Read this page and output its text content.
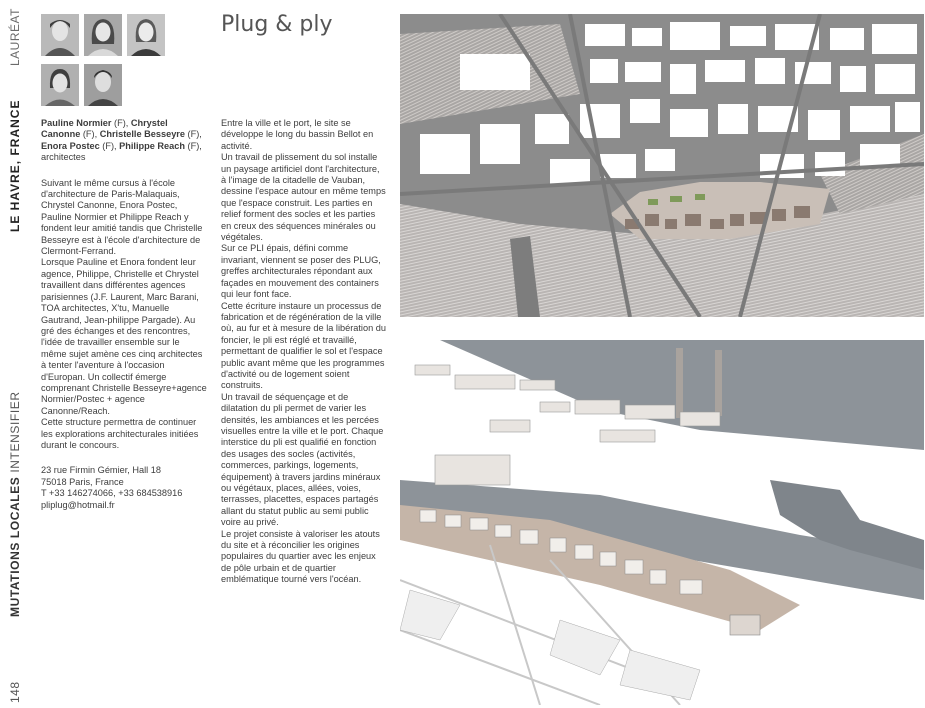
LAURÉAT
LE HAVRE, FRANCE
MUTATIONS LOCALES INTENSIFIER
148

Pauline Normier (F), Chrystel Canonne (F), Christelle Besseyre (F), Enora Postec (F), Philippe Reach (F), architectes

Suivant le même cursus à l'école d'architecture de Paris-Malaquais, Chrystel Canonne, Enora Postec, Pauline Normier et Philippe Reach y fondent leur amitié tandis que Christelle Besseyre est à l'école d'architecture de Clermont-Ferrand.

Lorsque Pauline et Enora fondent leur agence, Philippe, Christelle et Chrystel travaillent dans différentes agences parisiennes (J.F. Laurent, Marc Barani, TOA architectes, X'tu, Manuelle Gautrand, Jean-philippe Pargade). Au gré des échanges et des rencontres, l'idée de travailler ensemble sur le même sujet amène ces cinq architectes à tenter l'aventure à l'occasion d'Europan. Un collectif émerge comprenant Christelle Besseyre+agence Normier/Postec + agence Canonne/Reach.

Cette structure permettra de continuer les explorations architecturales initiées durant le concours.

23 rue Firmin Gémier, Hall 18

75018 Paris, France

T +33 146274066, +33 684538916

pliplug@hotmail.fr

Plug & ply

Entre la ville et le port, le site se développe le long du bassin Bellot en activité.

Un travail de plissement du sol installe un paysage artificiel dont l'architecture, à l'image de la citadelle de Vauban, dessine l'espace autour en même temps que l'espace construit. Les parties en relief forment des socles et les parties en creux des séquences minérales ou végétales.

Sur ce PLI épais, défini comme invariant, viennent se poser des PLUG, greffes architecturales répondant aux façades en mouvement des containers qui leur font face.

Cette écriture instaure un processus de fabrication et de régénération de la ville où, au fur et à mesure de la libération du foncier, le pli est réglé et travaillé, permettant de qualifier le sol et l'espace public avant même que les programmes d'activité ou de logement soient construits.

Un travail de séquençage et de dilatation du pli permet de varier les densités, les ambiances et les percées visuelles entre la ville et le port. Chaque interstice du pli est qualifié en fonction des usages des socles (activités, commerces, parkings, logements, équipement) à travers jardins minéraux ou végétaux, places, allées, voies, terrasses, placettes, espaces partagés allant du statut public au semi public voire au privé.

Le projet consiste à valoriser les atouts du site et à réconcilier les origines populaires du quartier avec les enjeux de pôle urbain et de quartier emblématique tourné vers l'océan.
